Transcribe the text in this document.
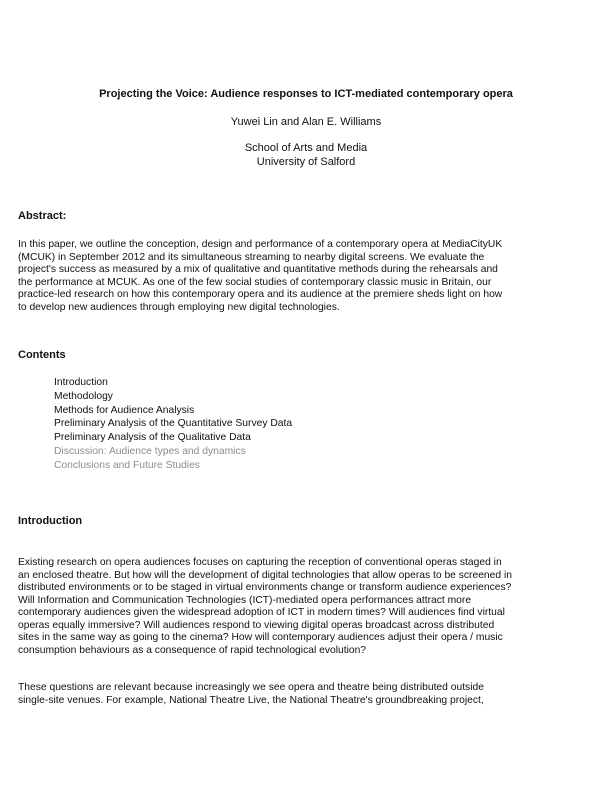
Projecting the Voice: Audience responses to ICT-mediated contemporary opera
Yuwei Lin and Alan E. Williams
School of Arts and Media
University of Salford
Abstract:

In this paper, we outline the conception, design and performance of a contemporary opera at MediaCityUK
(MCUK) in September 2012 and its simultaneous streaming to nearby digital screens. We evaluate the
project's success as measured by a mix of qualitative and quantitative methods during the rehearsals and
the performance at MCUK. As one of the few social studies of contemporary classic music in Britain, our
practice-led research on how this contemporary opera and its audience at the premiere sheds light on how
to develop new audiences through employing new digital technologies.

Contents
Introduction
Methodology
Methods for Audience Analysis
Preliminary Analysis of the Quantitative Survey Data
Preliminary Analysis of the Qualitative Data
Discussion: Audience types and dynamics
Conclusions and Future Studies
Introduction

Existing research on opera audiences focuses on capturing the reception of conventional operas staged in
an enclosed theatre. But how will the development of digital technologies that allow operas to be screened in
distributed environments or to be staged in virtual environments change or transform audience experiences?
Will Information and Communication Technologies (ICT)-mediated opera performances attract more
contemporary audiences given the widespread adoption of ICT in modern times? Will audiences find virtual
operas equally immersive? Will audiences respond to viewing digital operas broadcast across distributed
sites in the same way as going to the cinema? How will contemporary audiences adjust their opera / music
consumption behaviours as a consequence of rapid technological evolution?

These questions are relevant because increasingly we see opera and theatre being distributed outside
single-site venues. For example, National Theatre Live, the National Theatre's groundbreaking project,
